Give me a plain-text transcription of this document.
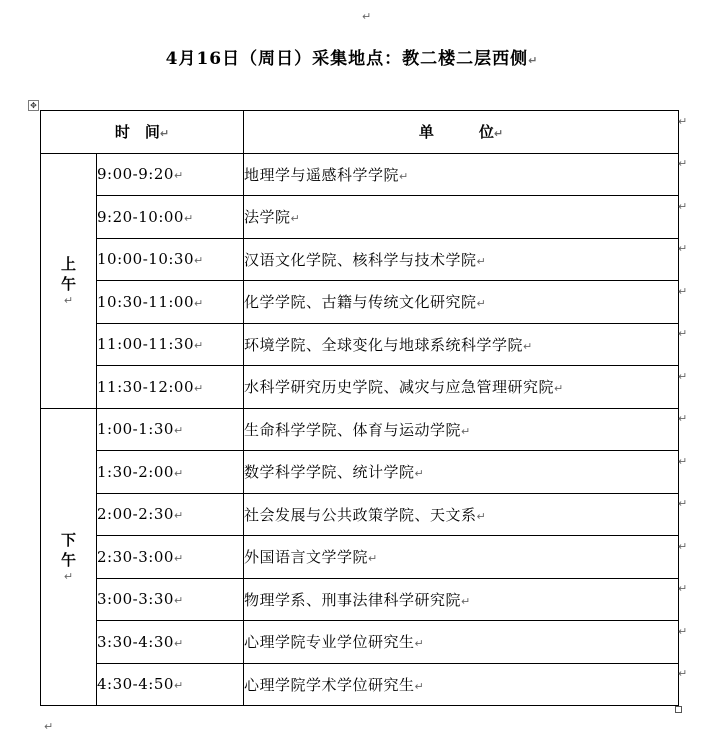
↵
4月16日（周日）采集地点：教二楼二层西侧↵
✥
时　间↵		单　　　位↵

上午
↵	9:00-9:20↵	地理学与遥感科学学院↵
	9:20-10:00↵	法学院↵
	10:00-10:30↵	汉语文化学院、核科学与技术学院↵
	10:30-11:00↵	化学学院、古籍与传统文化研究院↵
	11:00-11:30↵	环境学院、全球变化与地球系统科学学院↵
	11:30-12:00↵	水科学研究历史学院、减灾与应急管理研究院↵

下午
↵	1:00-1:30↵	生命科学学院、体育与运动学院↵
	1:30-2:00↵	数学科学学院、统计学院↵
	2:00-2:30↵	社会发展与公共政策学院、天文系↵
	2:30-3:00↵	外国语言文学学院↵
	3:00-3:30↵	物理学系、刑事法律科学研究院↵
	3:30-4:30↵	心理学院专业学位研究生↵
	4:30-4:50↵	心理学院学术学位研究生↵
↵
↵
↵
↵
↵
↵
↵
↵
↵
↵
↵
↵
↵
↵
↵
